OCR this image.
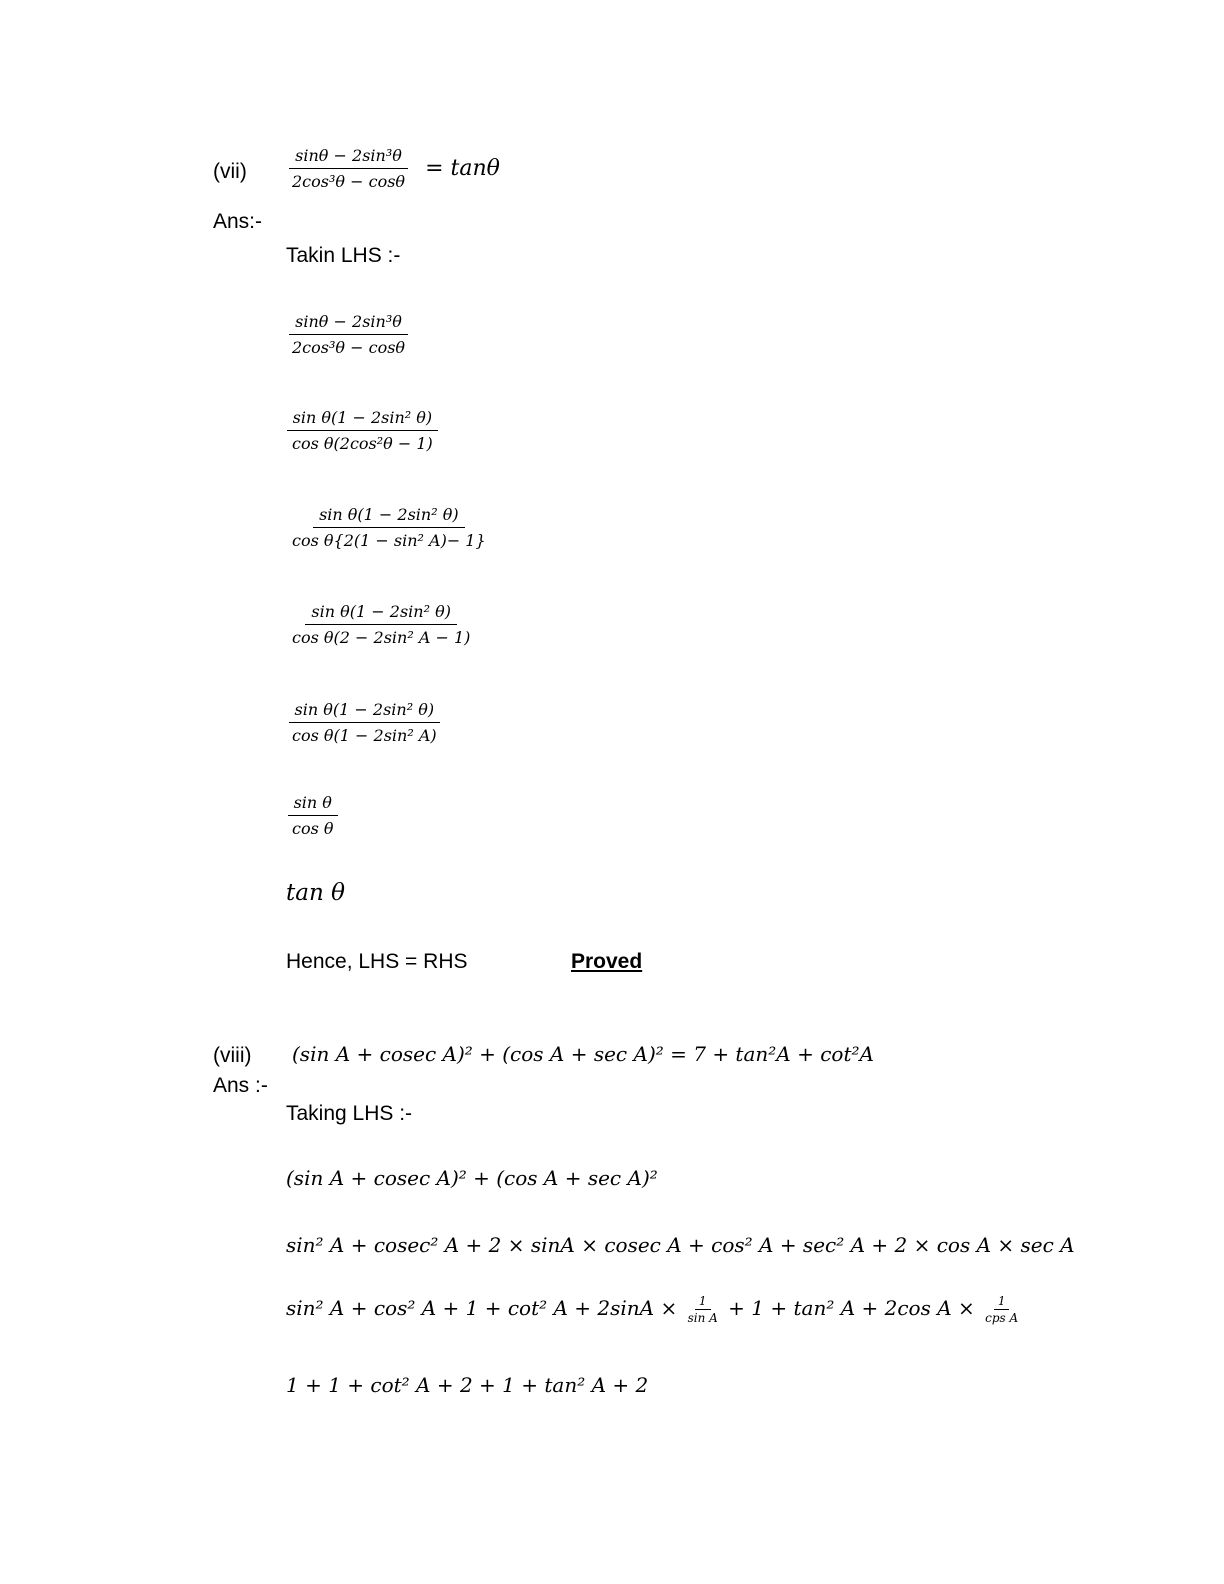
$(vii) \frac{\text{sinθ − 2sin³θ}}{\text{2cos³θ − cosθ}} = \tan\theta$
Ans:-
Takin LHS :-
$\frac{\text{sinθ − 2sin³θ}}{\text{2cos³θ − cosθ}}$
$\frac{\text{sin θ(1 − 2sin² θ)}}{\text{cos θ(2cos²θ − 1)}}$
$\frac{\text{sin θ(1 − 2sin² θ)}}{\text{cos θ\{2(1 − sin² A)− 1\}}}$
$\frac{\text{sin θ(1 − 2sin² θ)}}{\text{cos θ(2 − 2sin² A − 1)}}$
$\frac{\text{sin θ(1 − 2sin² θ)}}{\text{cos θ(1 − 2sin² A)}}$
$\frac{\text{sin θ}}{\text{cos θ}}$
tan θ
Hence, LHS = RHS	Proved
(viii) (sin A + cosec A)² + (cos A + sec A)² = 7 + tan²A + cot²A
Ans :-
Taking LHS :-
(sin A + cosec A)² + (cos A + sec A)²
sin² A + cosec² A + 2 × sinA × cosec A + cos² A + sec² A + 2 × cos A × sec A
sin² A + cos² A + 1 + cot² $A + 2\sin A \times \frac{1}{\text{sin A}} + 1 + \tan^2$ A + 2cos $A \times \frac{1}{\text{cps A}}$
1 + 1 + cot² A + 2 + 1 + tan² A + 2
